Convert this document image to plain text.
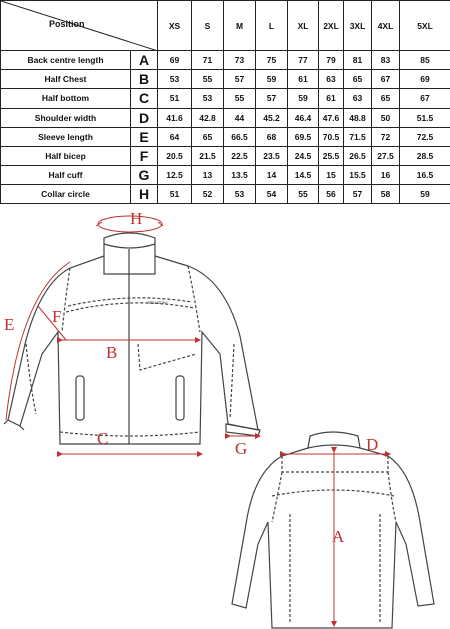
Position		XS	S	M	L	XL	2XL	3XL	4XL	5XL
Back centre length	A	69	71	73	75	77	79	81	83	85
Half Chest	B	53	55	57	59	61	63	65	67	69
Half bottom	C	51	53	55	57	59	61	63	65	67
Shoulder width	D	41.6	42.8	44	45.2	46.4	47.6	48.8	50	51.5
Sleeve length	E	64	65	66.5	68	69.5	70.5	71.5	72	72.5
Half bicep	F	20.5	21.5	22.5	23.5	24.5	25.5	26.5	27.5	28.5
Half cuff	G	12.5	13	13.5	14	14.5	15	15.5	16	16.5
Collar circle	H	51	52	53	54	55	56	57	58	59
Maastrike
H
B
C
F
E
G	D
A
